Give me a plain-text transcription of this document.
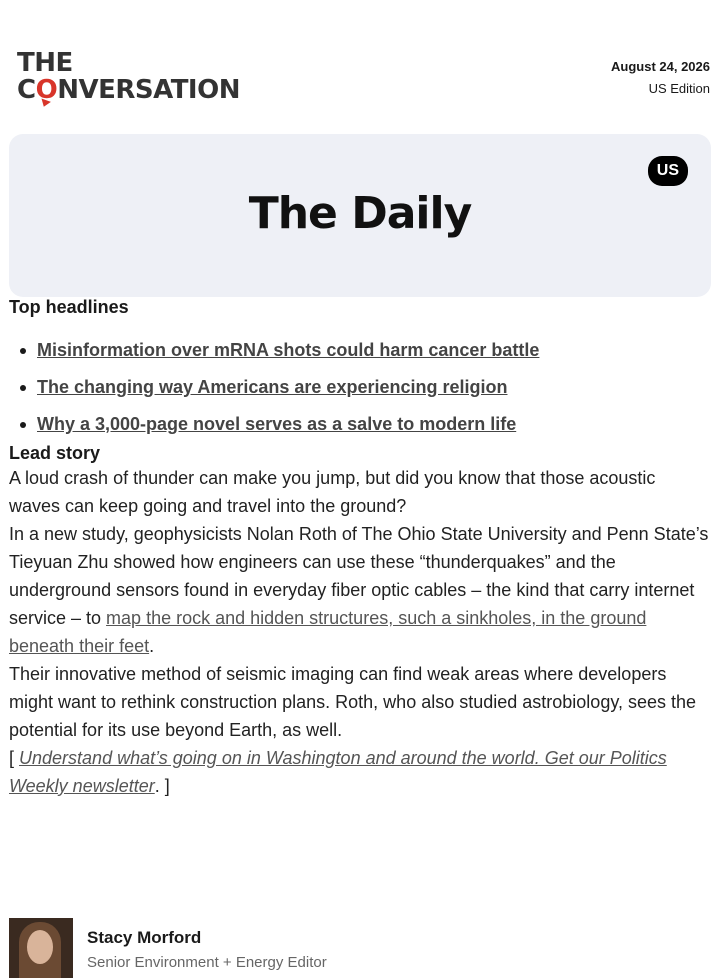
THE
CO
NVERSATION
August 24, 2026
US Edition
US
The Daily
Top headlines
Misinformation over mRNA shots could harm cancer battle
The changing way Americans are experiencing religion
Why a 3,000-page novel serves as a salve to modern life
Lead story

A loud crash of thunder can make you jump, but did you know that those acoustic waves can keep going and travel into the ground?

In a new study, geophysicists Nolan Roth of The Ohio State University and Penn State’s Tieyuan Zhu showed how engineers can use these “thunderquakes” and the underground sensors found in everyday fiber optic cables – the kind that carry internet service – to map the rock and hidden structures, such a sinkholes, in the ground beneath their feet.

Their innovative method of seismic imaging can find weak areas where developers might want to rethink construction plans. Roth, who also studied astrobiology, sees the potential for its use beyond Earth, as well.

[ Understand what’s going on in Washington and around the world. Get our Politics Weekly newsletter. ]

Stacy Morford
Senior Environment + Energy Editor
